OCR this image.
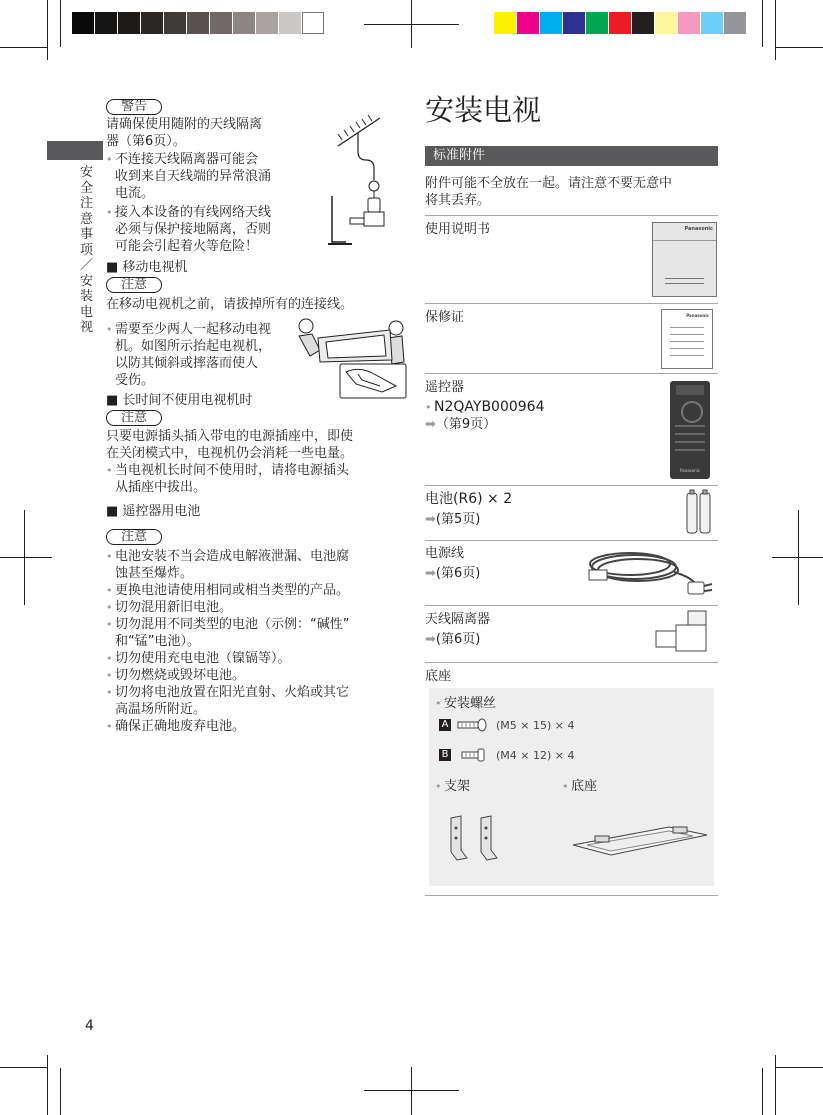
安全注意事项／安装电视
警告
请确保使用随附的天线隔离
器（第6页）。
• 不连接天线隔离器可能会
收到来自天线端的异常浪涌
电流。
• 接入本设备的有线网络天线
必须与保护接地隔离，否则
可能会引起着火等危险！
■ 移动电视机
注意
在移动电视机之前，请拔掉所有的连接线。
• 需要至少两人一起移动电视
机。如图所示抬起电视机，
以防其倾斜或摔落而使人
受伤。
■ 长时间不使用电视机时
注意
只要电源插头插入带电的电源插座中，即使
在关闭模式中，电视机仍会消耗一些电量。
• 当电视机长时间不使用时，请将电源插头
从插座中拔出。
■ 遥控器用电池
注意
• 电池安装不当会造成电解液泄漏、电池腐
蚀甚至爆炸。
• 更换电池请使用相同或相当类型的产品。
• 切勿混用新旧电池。
• 切勿混用不同类型的电池（示例：“碱性”
和“锰”电池）。
• 切勿使用充电电池（镍镉等）。
• 切勿燃烧或毁坏电池。
• 切勿将电池放置在阳光直射、火焰或其它
高温场所附近。
• 确保正确地废弃电池。
4
安装电视
标准附件
附件可能不全放在一起。请注意不要无意中
将其丢弃。
使用说明书	Panasonic
保修证	Panasonic
遥控器
• N2QAYB000964
➡（第9页）
Panasonic
电池(R6) × 2
➡(第5页)
电源线
➡(第6页)
天线隔离器
➡(第6页)
底座
• 安装螺丝
A	(M5 × 15) × 4
B	(M4 × 12) × 4
• 支架
•	底座
